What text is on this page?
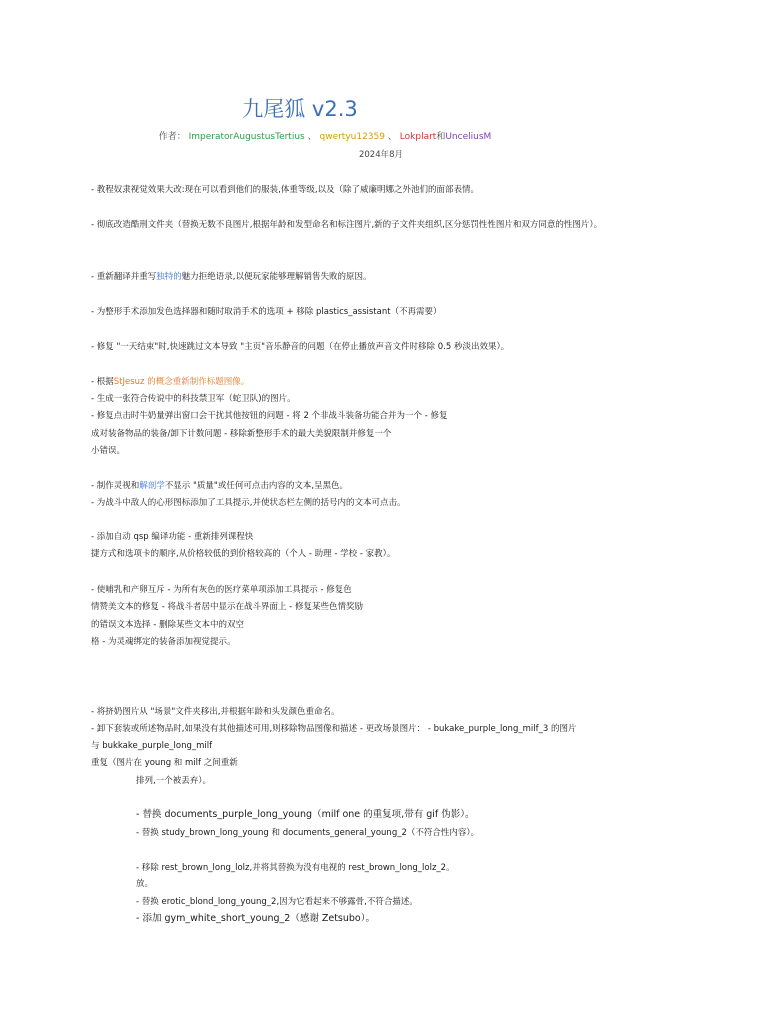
九尾狐 v2.3
作者： ImperatorAugustusTertius 、 qwertyu12359 、 Lokplart和UnceliusM
2024年8月
- 教程奴隶视觉效果大改:现在可以看到他们的服装,体重等级,以及（除了威廉明娜之外池们的面部表情。
- 彻底改造酷刑文件夹（替换无数不良图片,根据年龄和发型命名和标注图片,新的子文件夹组织,区分惩罚性性图片和双方同意的性图片）。
- 重新翻译并重写独特的魅力拒绝语录,以便玩家能够理解销售失败的原因。
- 为整形手术添加发色选择器和随时取消手术的选项 + 移除 plastics_assistant（不再需要）
- 修复 "一天结束"时,快速跳过文本导致 "主页"音乐静音的问题（在停止播放声音文件时移除 0.5 秒淡出效果）。
- 根据StJesuz 的概念重新制作标题图像。
- 生成一张符合传说中的科技禁卫军（蛇卫队)的图片。
- 修复点击时牛奶量弹出窗口会干扰其他按钮的问题 - 将 2 个非战斗装备功能合并为一个 - 修复
成对装备物品的装备/卸下计数问题 - 移除新整形手术的最大美貌限制并修复一个
小错误。
- 制作灵视和解剖学不显示 "质量"或任何可点击内容的文本,呈黑色。
- 为战斗中敌人的心形图标添加了工具提示,并使状态栏左侧的括号内的文本可点击。
- 添加自动 qsp 编译功能 - 重新排列课程快
捷方式和选项卡的顺序,从价格较低的到价格较高的（个人 - 助理 - 学校 - 家教）。
- 使哺乳和产卵互斥 - 为所有灰色的医疗菜单项添加工具提示 - 修复色
情赞美文本的修复 - 将战斗者居中显示在战斗界面上 - 修复某些色情奖励
的错误文本选择 - 删除某些文本中的双空
格 - 为灵魂绑定的装备添加视觉提示。
- 将挤奶图片从 "场景"文件夹移出,并根据年龄和头发颜色重命名。
- 卸下套装或所述物品时,如果没有其他描述可用,则移除物品图像和描述 - 更改场景图片： - bukake_purple_long_milf_3 的图片
与 bukkake_purple_long_milf
重复（图片在 young 和 milf 之间重新
排列,一个被丢弃）。
- 替换 documents_purple_long_young（milf one 的重复项,带有 gif 伪影）。
- 替换 study_brown_long_young 和 documents_general_young_2（不符合性内容）。
- 移除 rest_brown_long_lolz,并将其替换为没有电视的 rest_brown_long_lolz_2。
放。
- 替换 erotic_blond_long_young_2,因为它看起来不够露骨,不符合描述。
- 添加 gym_white_short_young_2（感谢 Zetsubo）。
